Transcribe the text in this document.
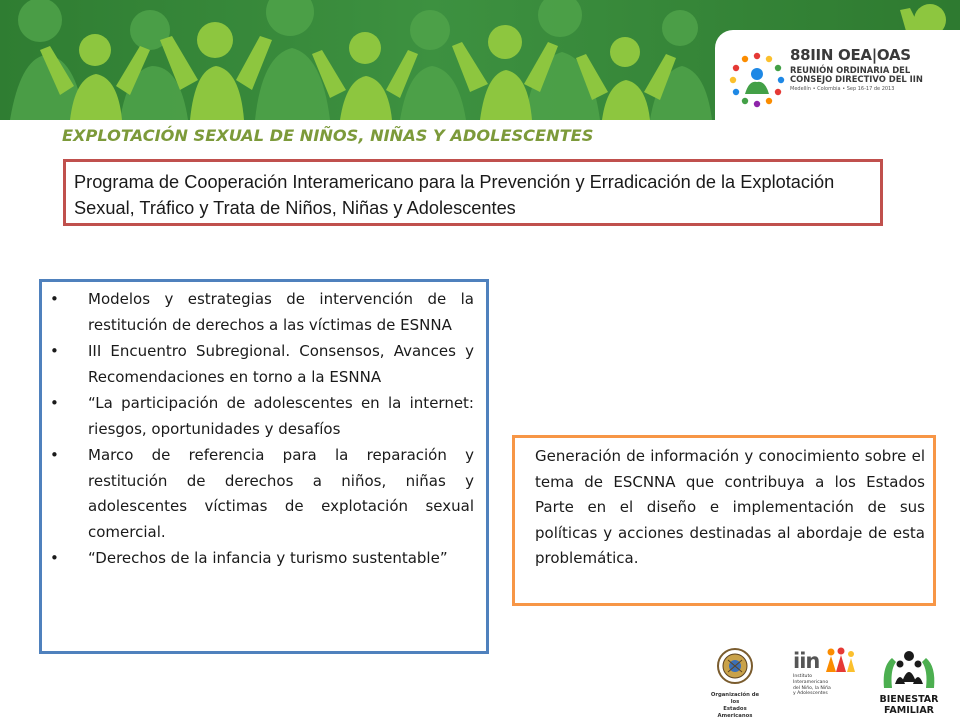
88IIN OEA|OAS
REUNIÓN ORDINARIA DEL
CONSEJO DIRECTIVO DEL IIN
Medellín • Colombia • Sep 16-17 de 2013
EXPLOTACIÓN SEXUAL DE NIÑOS, NIÑAS Y ADOLESCENTES
Programa de Cooperación Interamericano para la Prevención y Erradicación de la Explotación Sexual, Tráfico y Trata de Niños, Niñas y Adolescentes
• Modelos y estrategias de intervención de la restitución de derechos a las víctimas de ESNNA
• III Encuentro Subregional. Consensos, Avances y Recomendaciones en torno a la ESNNA
• “La participación de adolescentes en la internet: riesgos, oportunidades y desafíos
• Marco de referencia para la reparación y restitución de derechos a niños, niñas y adolescentes víctimas de explotación sexual comercial.
• “Derechos de la infancia y turismo sustentable”
Generación de información y conocimiento sobre el tema de ESCNNA que contribuya a los Estados Parte en el diseño e implementación de sus políticas y acciones destinadas al abordaje de esta problemática.
Organización de los
Estados Americanos
iin
Instituto
Interamericano
del Niño, la Niña
y Adolescentes
BIENESTAR
FAMILIAR
